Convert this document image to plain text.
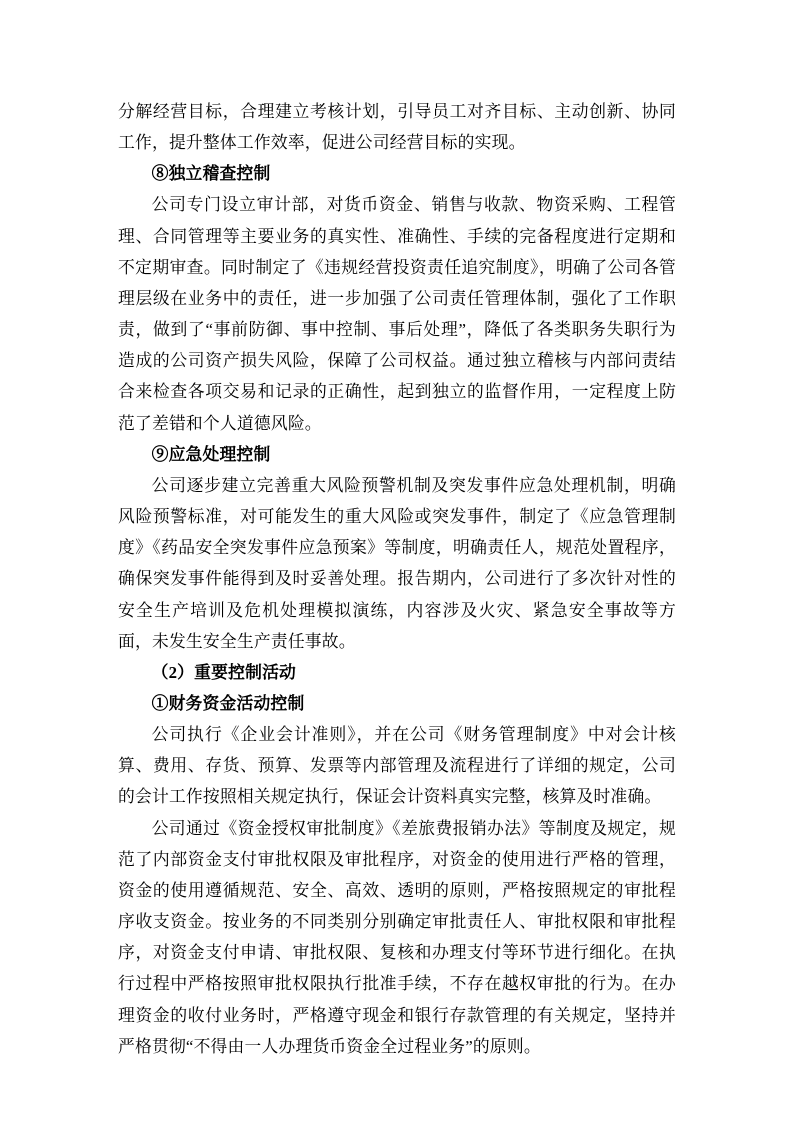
分解经营目标，合理建立考核计划，引导员工对齐目标、主动创新、协同工作，提升整体工作效率，促进公司经营目标的实现。

⑧独立稽查控制

公司专门设立审计部，对货币资金、销售与收款、物资采购、工程管理、合同管理等主要业务的真实性、准确性、手续的完备程度进行定期和不定期审查。同时制定了《违规经营投资责任追究制度》，明确了公司各管理层级在业务中的责任，进一步加强了公司责任管理体制，强化了工作职责，做到了“事前防御、事中控制、事后处理”，降低了各类职务失职行为造成的公司资产损失风险，保障了公司权益。通过独立稽核与内部问责结合来检查各项交易和记录的正确性，起到独立的监督作用，一定程度上防范了差错和个人道德风险。

⑨应急处理控制

公司逐步建立完善重大风险预警机制及突发事件应急处理机制，明确风险预警标准，对可能发生的重大风险或突发事件，制定了《应急管理制度》《药品安全突发事件应急预案》等制度，明确责任人，规范处置程序，确保突发事件能得到及时妥善处理。报告期内，公司进行了多次针对性的安全生产培训及危机处理模拟演练，内容涉及火灾、紧急安全事故等方面，未发生安全生产责任事故。

（2）重要控制活动

①财务资金活动控制

公司执行《企业会计准则》，并在公司《财务管理制度》中对会计核算、费用、存货、预算、发票等内部管理及流程进行了详细的规定，公司的会计工作按照相关规定执行，保证会计资料真实完整，核算及时准确。

公司通过《资金授权审批制度》《差旅费报销办法》等制度及规定，规范了内部资金支付审批权限及审批程序，对资金的使用进行严格的管理，资金的使用遵循规范、安全、高效、透明的原则，严格按照规定的审批程序收支资金。按业务的不同类别分别确定审批责任人、审批权限和审批程序，对资金支付申请、审批权限、复核和办理支付等环节进行细化。在执行过程中严格按照审批权限执行批准手续，不存在越权审批的行为。在办理资金的收付业务时，严格遵守现金和银行存款管理的有关规定，坚持并严格贯彻“不得由一人办理货币资金全过程业务”的原则。
